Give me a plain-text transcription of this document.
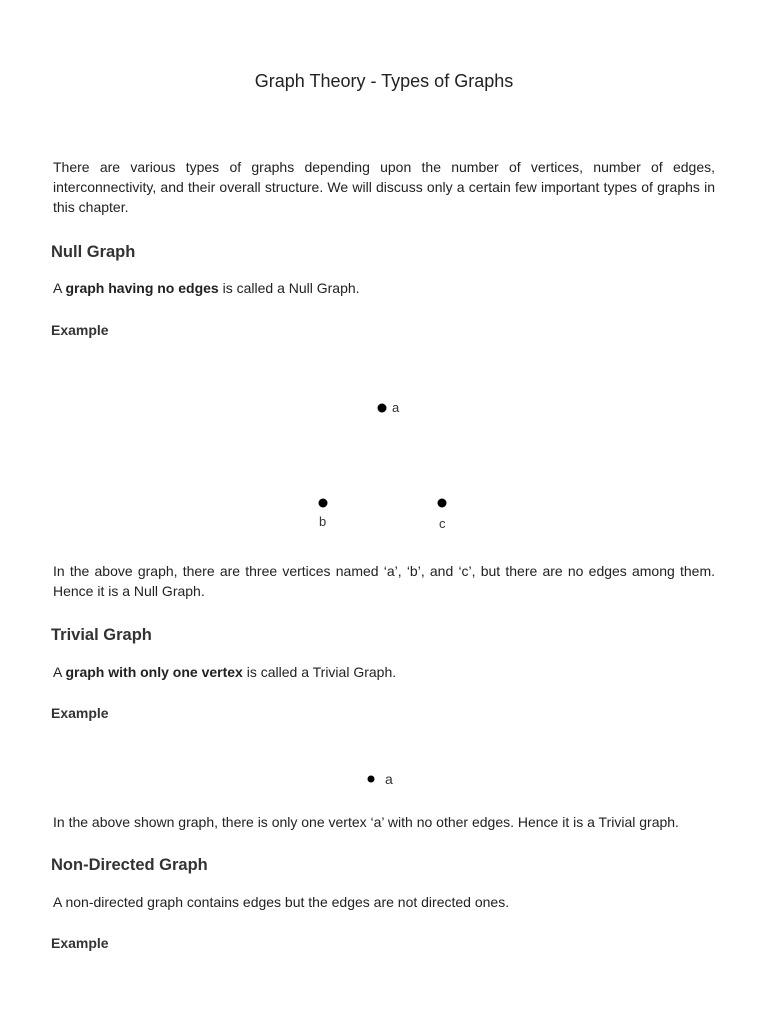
Graph Theory - Types of Graphs

There are various types of graphs depending upon the number of vertices, number of edges, interconnectivity, and their overall structure. We will discuss only a certain few important types of graphs in this chapter.

Null Graph

A graph having no edges is called a Null Graph.

Example

a
b	c

In the above graph, there are three vertices named ‘a’, ‘b’, and ‘c’, but there are no edges among them. Hence it is a Null Graph.

Trivial Graph

A graph with only one vertex is called a Trivial Graph.

Example

a

In the above shown graph, there is only one vertex ‘a’ with no other edges. Hence it is a Trivial graph.

Non-Directed Graph

A non-directed graph contains edges but the edges are not directed ones.

Example
